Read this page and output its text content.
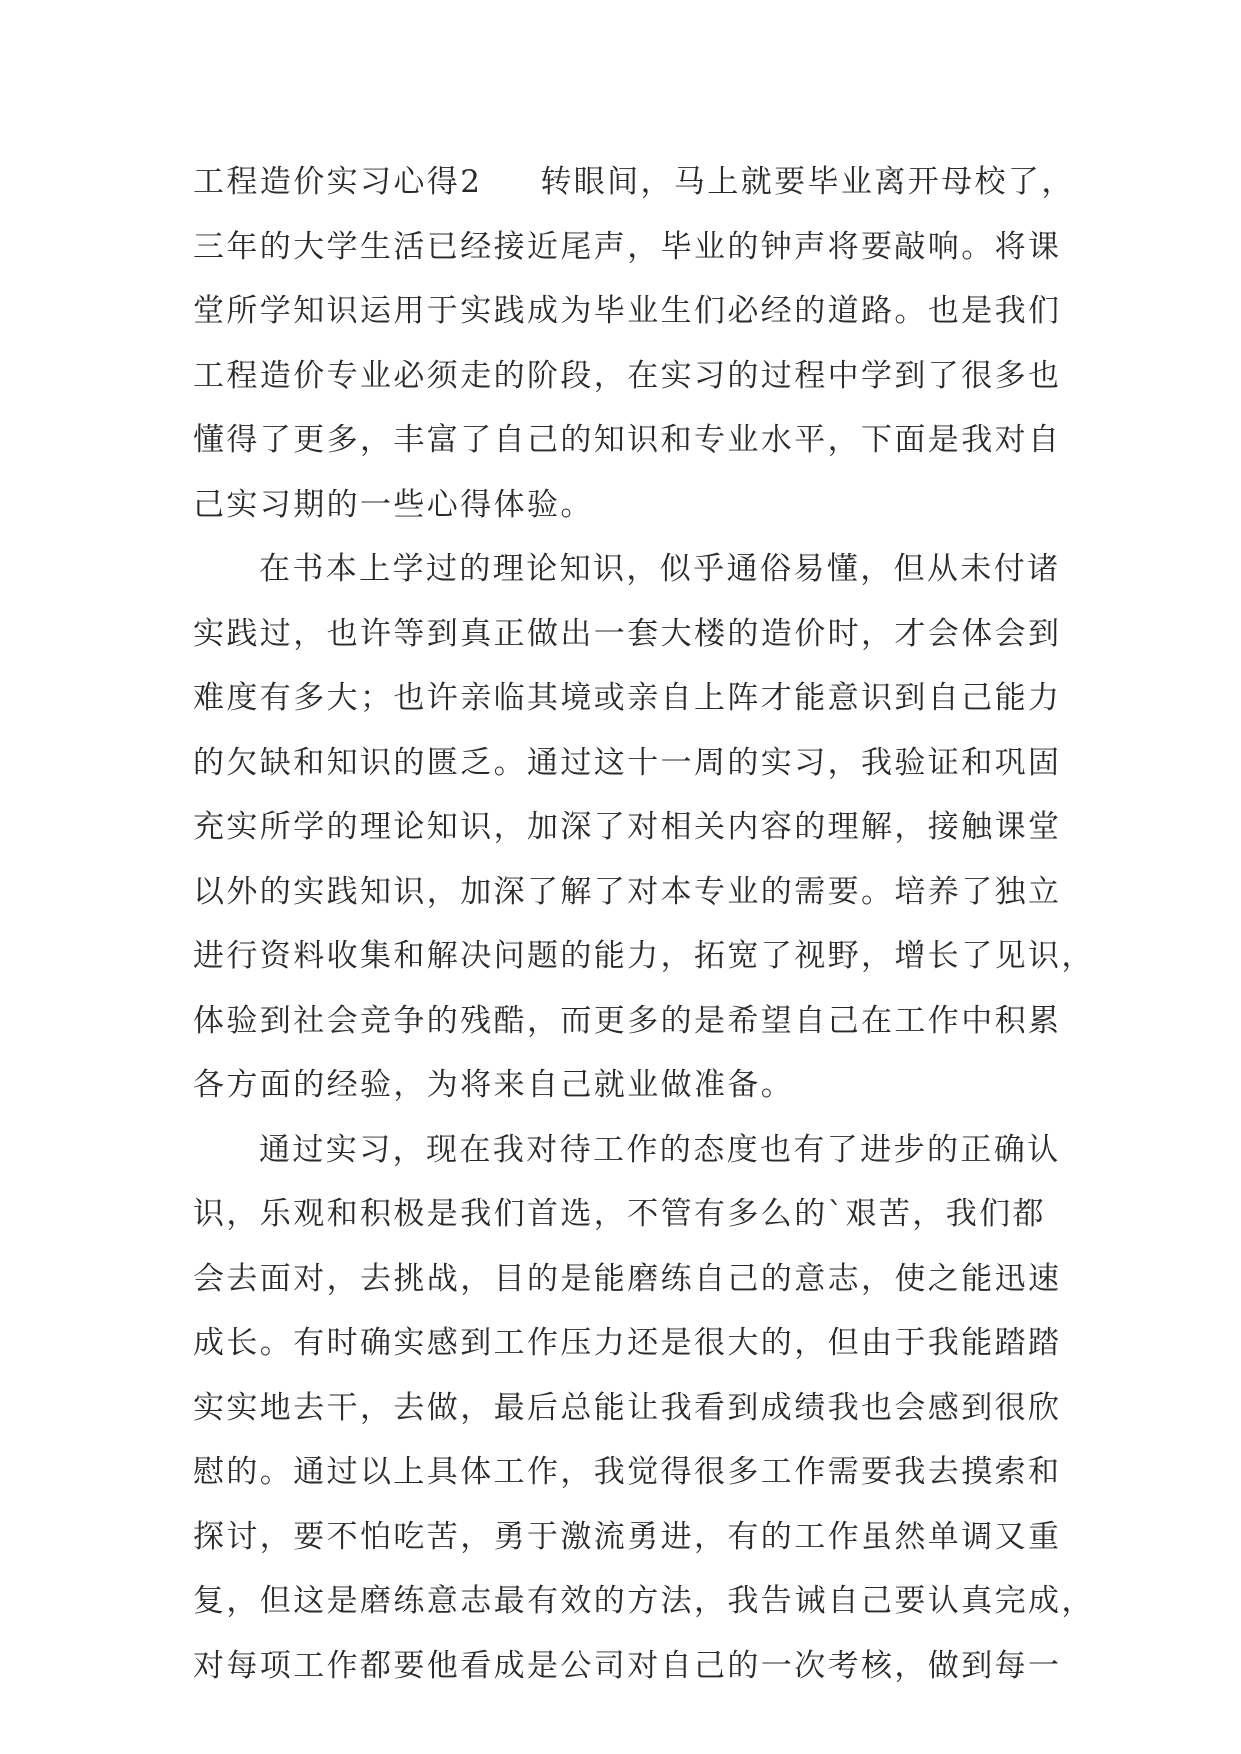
工程造价实习心得2 转眼间，马上就要毕业离开母校了，
三年的大学生活已经接近尾声，毕业的钟声将要敲响。将课
堂所学知识运用于实践成为毕业生们必经的道路。也是我们
工程造价专业必须走的阶段，在实习的过程中学到了很多也
懂得了更多，丰富了自己的知识和专业水平，下面是我对自
己实习期的一些心得体验。
在书本上学过的理论知识，似乎通俗易懂，但从未付诸
实践过，也许等到真正做出一套大楼的造价时，才会体会到
难度有多大；也许亲临其境或亲自上阵才能意识到自己能力
的欠缺和知识的匮乏。通过这十一周的实习，我验证和巩固
充实所学的理论知识，加深了对相关内容的理解，接触课堂
以外的实践知识，加深了解了对本专业的需要。培养了独立
进行资料收集和解决问题的能力，拓宽了视野，增长了见识，
体验到社会竞争的残酷，而更多的是希望自己在工作中积累
各方面的经验，为将来自己就业做准备。
通过实习，现在我对待工作的态度也有了进步的正确认
识，乐观和积极是我们首选，不管有多么的`艰苦，我们都
会去面对，去挑战，目的是能磨练自己的意志，使之能迅速
成长。有时确实感到工作压力还是很大的，但由于我能踏踏
实实地去干，去做，最后总能让我看到成绩我也会感到很欣
慰的。通过以上具体工作，我觉得很多工作需要我去摸索和
探讨，要不怕吃苦，勇于激流勇进，有的工作虽然单调又重
复，但这是磨练意志最有效的方法，我告诫自己要认真完成，
对每项工作都要他看成是公司对自己的一次考核，做到每一
